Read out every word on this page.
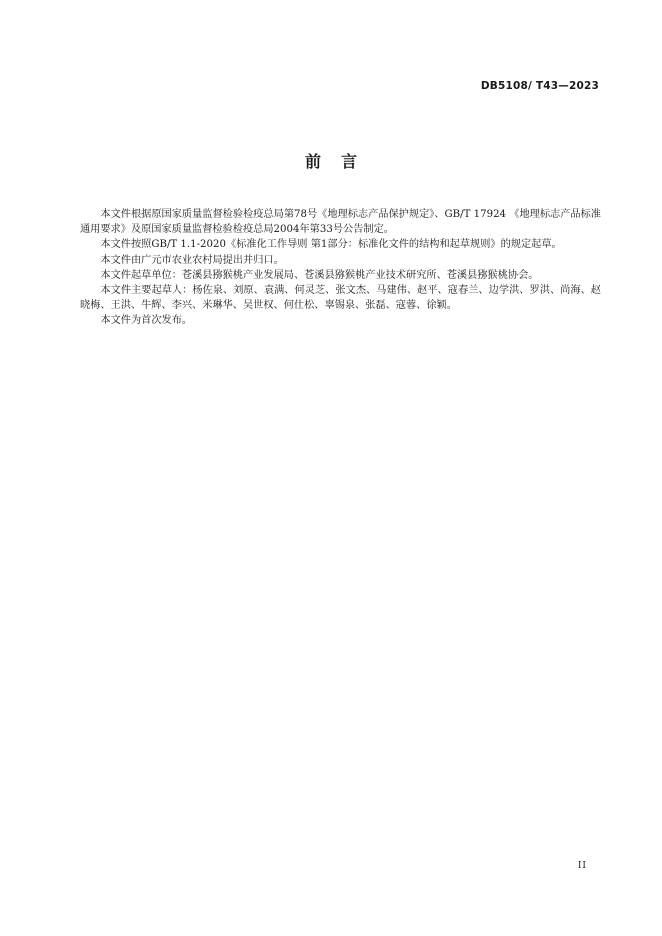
DB5108/ T43—2023
前言

本文件根据原国家质量监督检验检疫总局第78号《地理标志产品保护规定》、GB/T 17924 《地理标志产品标准通用要求》及原国家质量监督检验检疫总局2004年第33号公告制定。

本文件按照GB/T 1.1-2020《标准化工作导则 第1部分：标准化文件的结构和起草规则》的规定起草。

本文件由广元市农业农村局提出并归口。

本文件起草单位：苍溪县猕猴桃产业发展局、苍溪县猕猴桃产业技术研究所、苍溪县猕猴桃协会。

本文件主要起草人：杨佐泉、刘原、袁满、何灵芝、张文杰、马建伟、赵平、寇春兰、边学洪、罗洪、尚海、赵晓梅、王洪、牛辉、李兴、米琳华、吴世权、何仕松、辜锡泉、张磊、寇蓉、徐颖。

本文件为首次发布。

II
